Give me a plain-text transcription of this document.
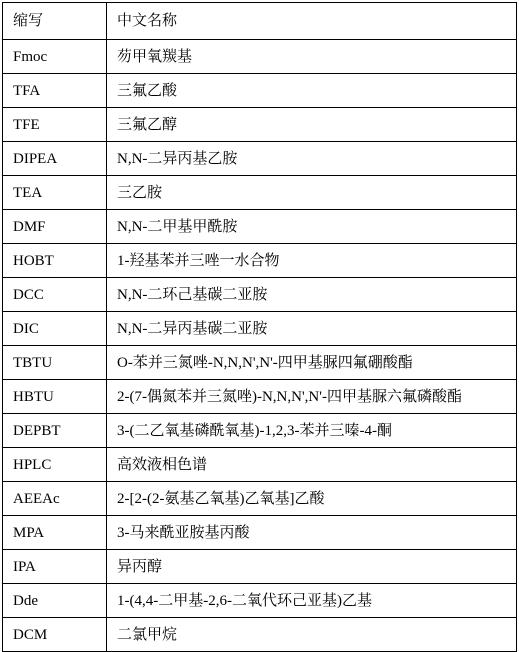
缩写	中文名称
Fmoc	芴甲氧羰基
TFA	三氟乙酸
TFE	三氟乙醇
DIPEA	N,N-二异丙基乙胺
TEA	三乙胺
DMF	N,N-二甲基甲酰胺
HOBT	1-羟基苯并三唑一水合物
DCC	N,N-二环己基碳二亚胺
DIC	N,N-二异丙基碳二亚胺
TBTU	O-苯并三氮唑-N,N,N',N'-四甲基脲四氟硼酸酯
HBTU	2-(7-偶氮苯并三氮唑)-N,N,N',N'-四甲基脲六氟磷酸酯
DEPBT	3-(二乙氧基磷酰氧基)-1,2,3-苯并三嗪-4-酮
HPLC	高效液相色谱
AEEAc	2-[2-(2-氨基乙氧基)乙氧基]乙酸
MPA	3-马来酰亚胺基丙酸
IPA	异丙醇
Dde	1-(4,4-二甲基-2,6-二氧代环己亚基)乙基
DCM	二氯甲烷
